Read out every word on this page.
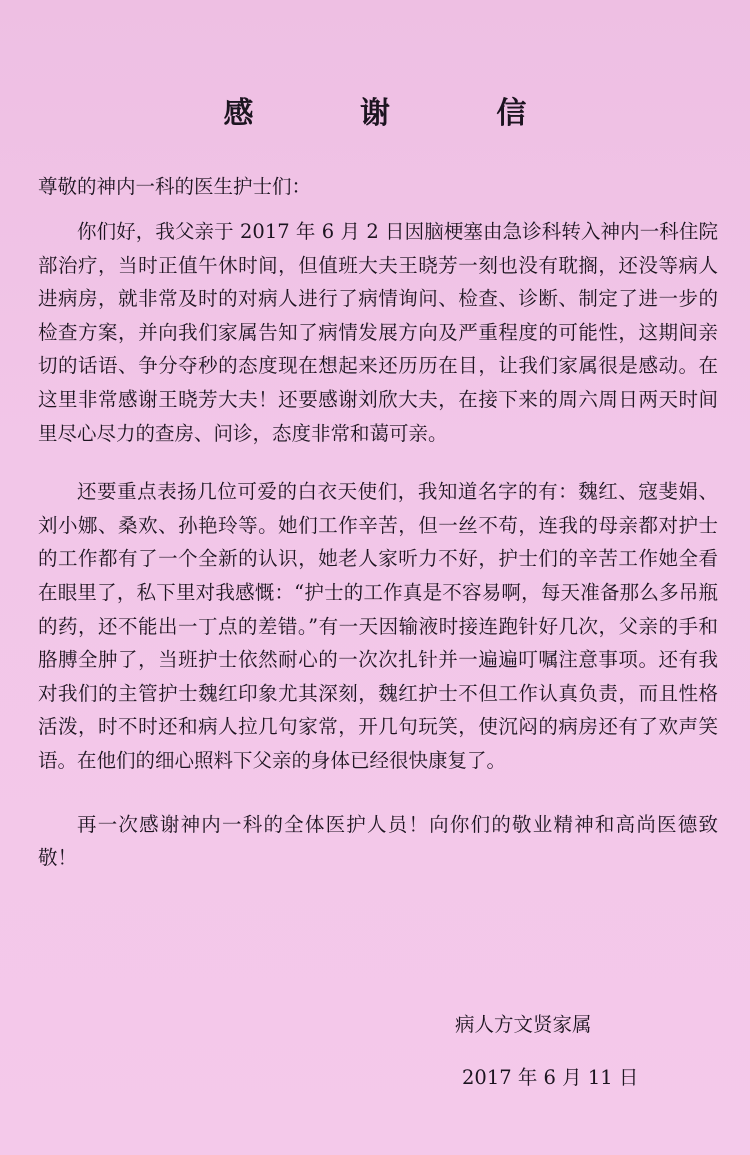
感 谢 信
尊敬的神内一科的医生护士们：

你们好，我父亲于 2017 年 6 月 2 日因脑梗塞由急诊科转入神内一科住院部治疗，当时正值午休时间，但值班大夫王晓芳一刻也没有耽搁，还没等病人进病房，就非常及时的对病人进行了病情询问、检查、诊断、制定了进一步的检查方案，并向我们家属告知了病情发展方向及严重程度的可能性，这期间亲切的话语、争分夺秒的态度现在想起来还历历在目，让我们家属很是感动。在这里非常感谢王晓芳大夫！还要感谢刘欣大夫，在接下来的周六周日两天时间里尽心尽力的查房、问诊，态度非常和蔼可亲。

还要重点表扬几位可爱的白衣天使们，我知道名字的有：魏红、寇斐娟、刘小娜、桑欢、孙艳玲等。她们工作辛苦，但一丝不苟，连我的母亲都对护士的工作都有了一个全新的认识，她老人家听力不好，护士们的辛苦工作她全看在眼里了，私下里对我感慨：“护士的工作真是不容易啊，每天准备那么多吊瓶的药，还不能出一丁点的差错。”有一天因输液时接连跑针好几次，父亲的手和胳膊全肿了，当班护士依然耐心的一次次扎针并一遍遍叮嘱注意事项。还有我对我们的主管护士魏红印象尤其深刻，魏红护士不但工作认真负责，而且性格活泼，时不时还和病人拉几句家常，开几句玩笑，使沉闷的病房还有了欢声笑语。在他们的细心照料下父亲的身体已经很快康复了。

再一次感谢神内一科的全体医护人员！向你们的敬业精神和高尚医德致敬！

病人方文贤家属
2017 年 6 月 11 日
